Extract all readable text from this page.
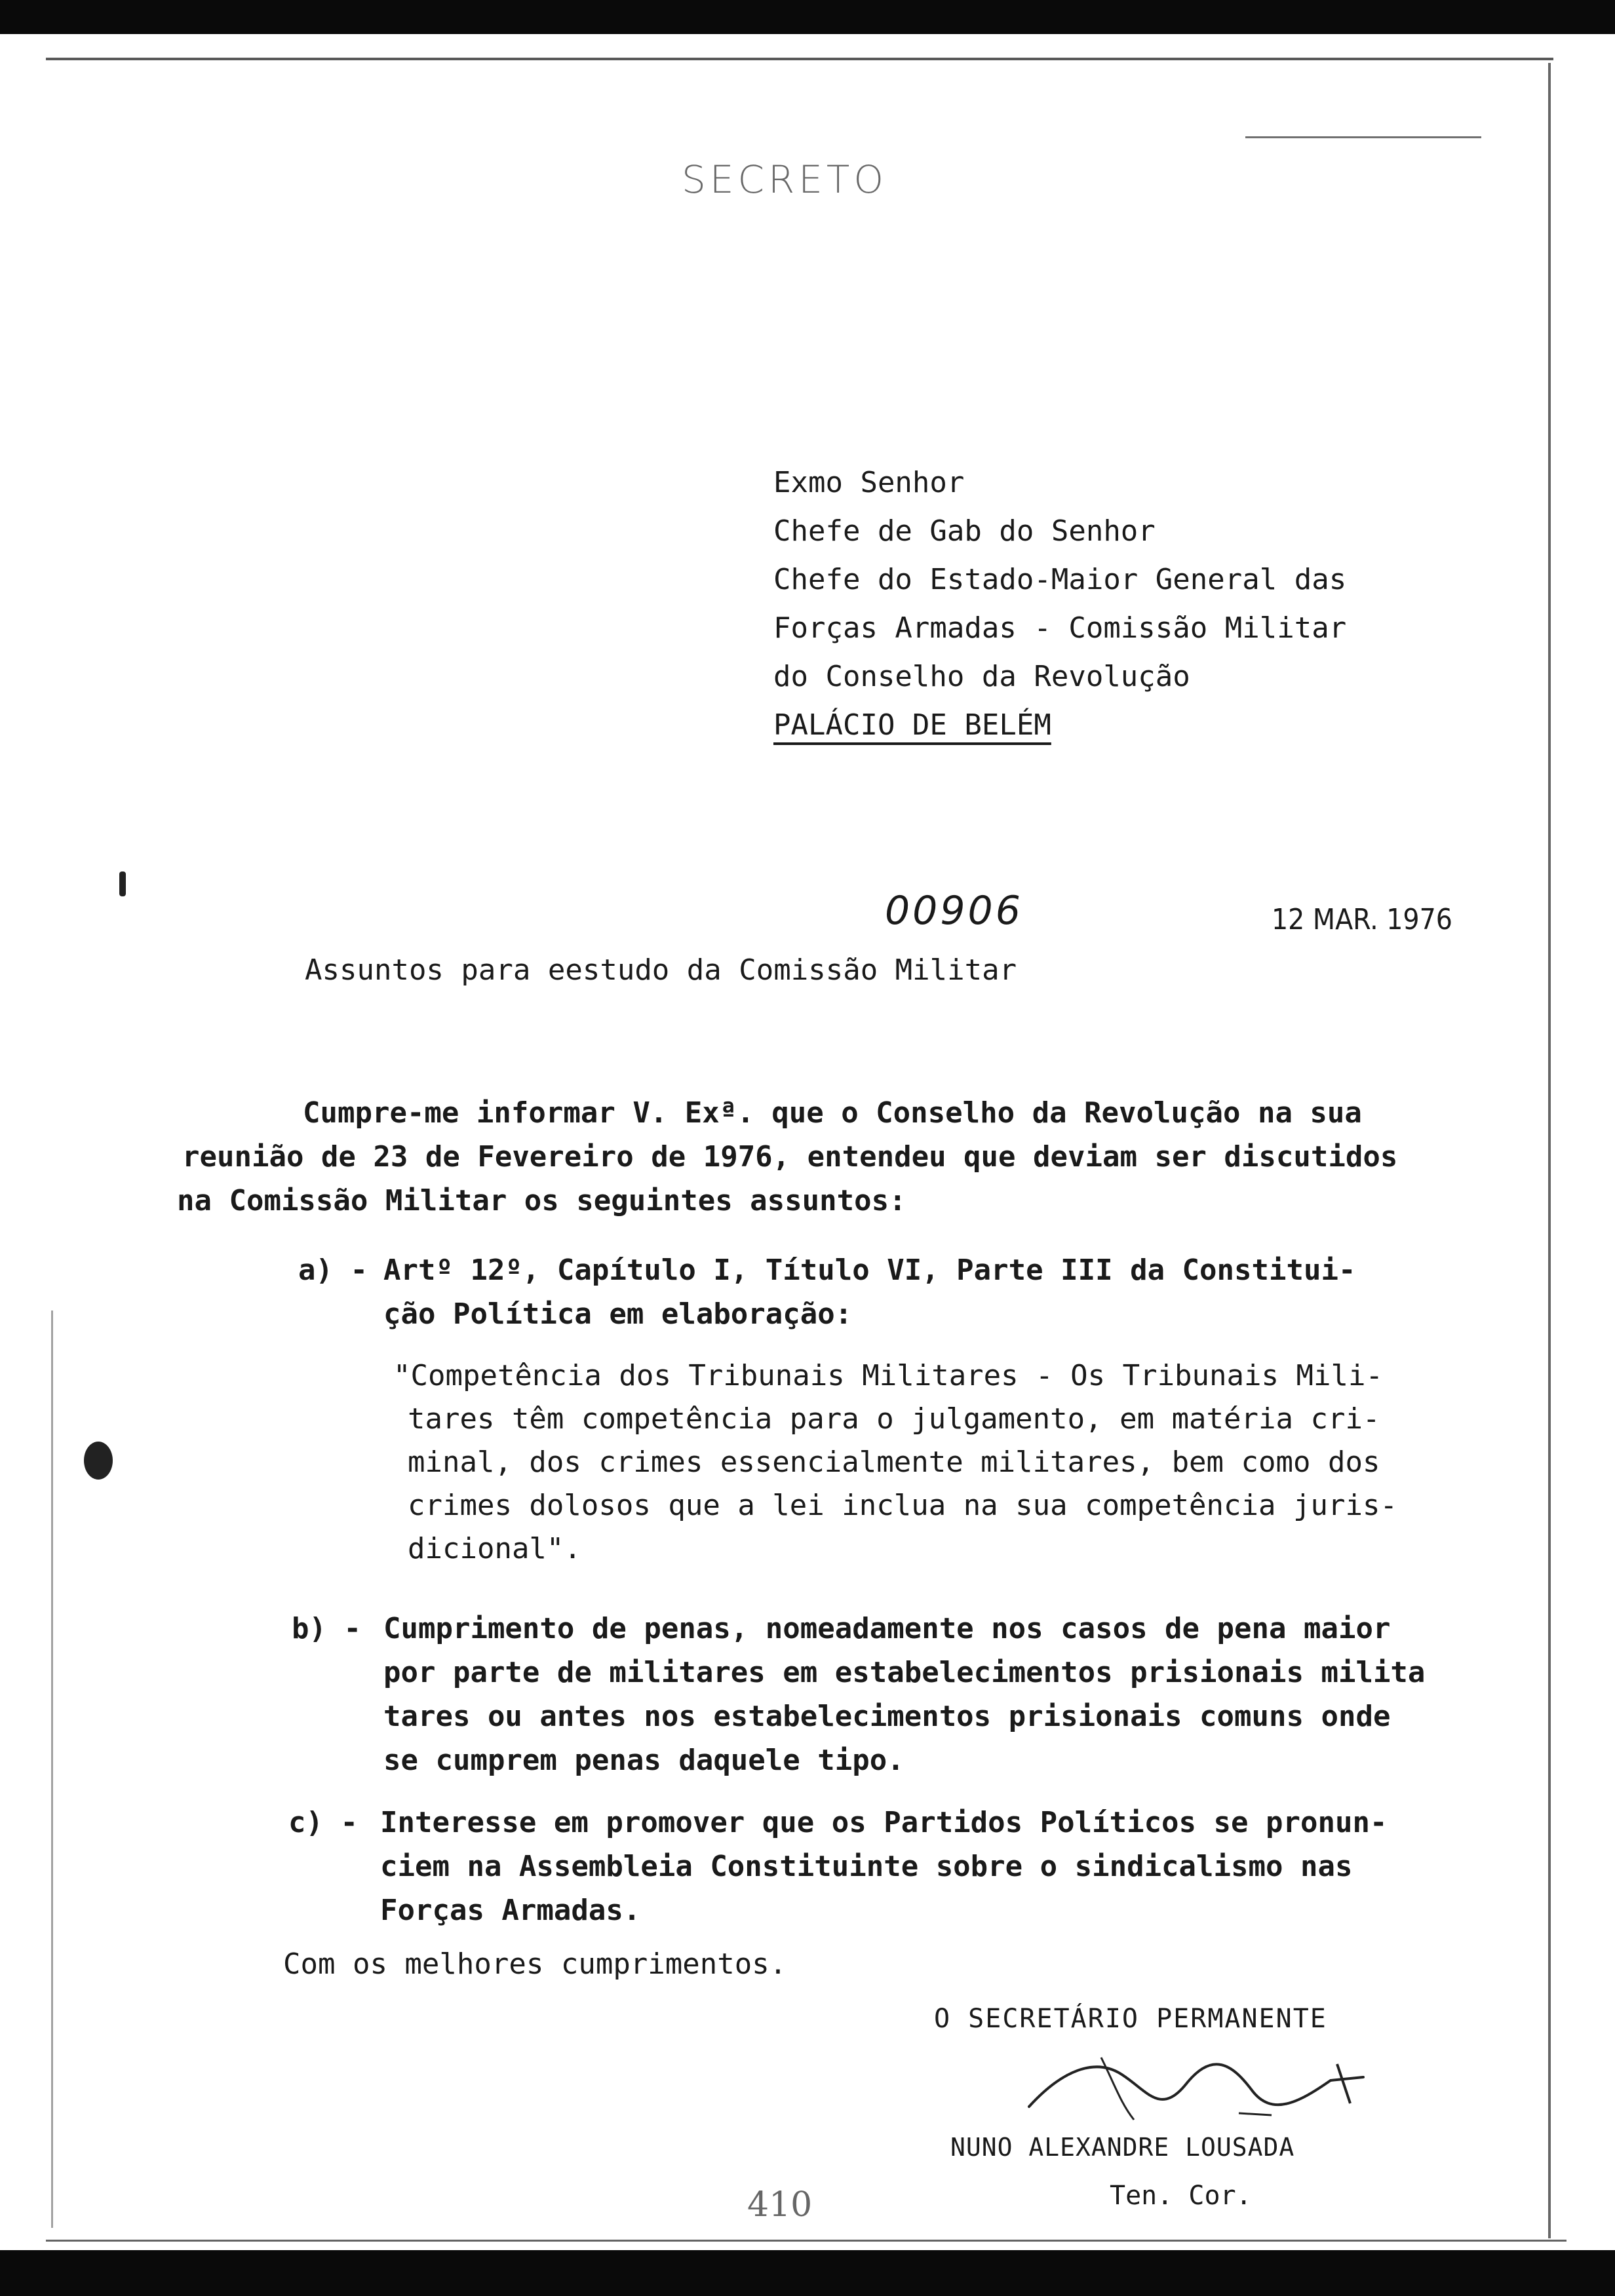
SECRETO
Exmo Senhor
Chefe de Gab do Senhor
Chefe do Estado-Maior General das
Forças Armadas - Comissão Militar
do Conselho da Revolução
PALÁCIO DE BELÉM
00906	12 MAR. 1976
Assuntos para eestudo da Comissão Militar

Cumpre-me informar V. Exª. que o Conselho da Revolução na sua

reunião de 23 de Fevereiro de 1976, entendeu que deviam ser discutidos

na Comissão Militar os seguintes assuntos:

a) - Artº 12º, Capítulo I, Título VI, Parte III da Constitui-
ção Política em elaboração:
"Competência dos Tribunais Militares - Os Tribunais Mili-
tares têm competência para o julgamento, em matéria cri-
minal, dos crimes essencialmente militares, bem como dos
crimes dolosos que a lei inclua na sua competência juris-
dicional".
b) - Cumprimento de penas, nomeadamente nos casos de pena maior
por parte de militares em estabelecimentos prisionais milita
tares ou antes nos estabelecimentos prisionais comuns onde
se cumprem penas daquele tipo.
c) - Interesse em promover que os Partidos Políticos se pronun-
ciem na Assembleia Constituinte sobre o sindicalismo nas
Forças Armadas.
Com os melhores cumprimentos.
O SECRETÁRIO PERMANENTE
NUNO ALEXANDRE LOUSADA
Ten. Cor.
410
